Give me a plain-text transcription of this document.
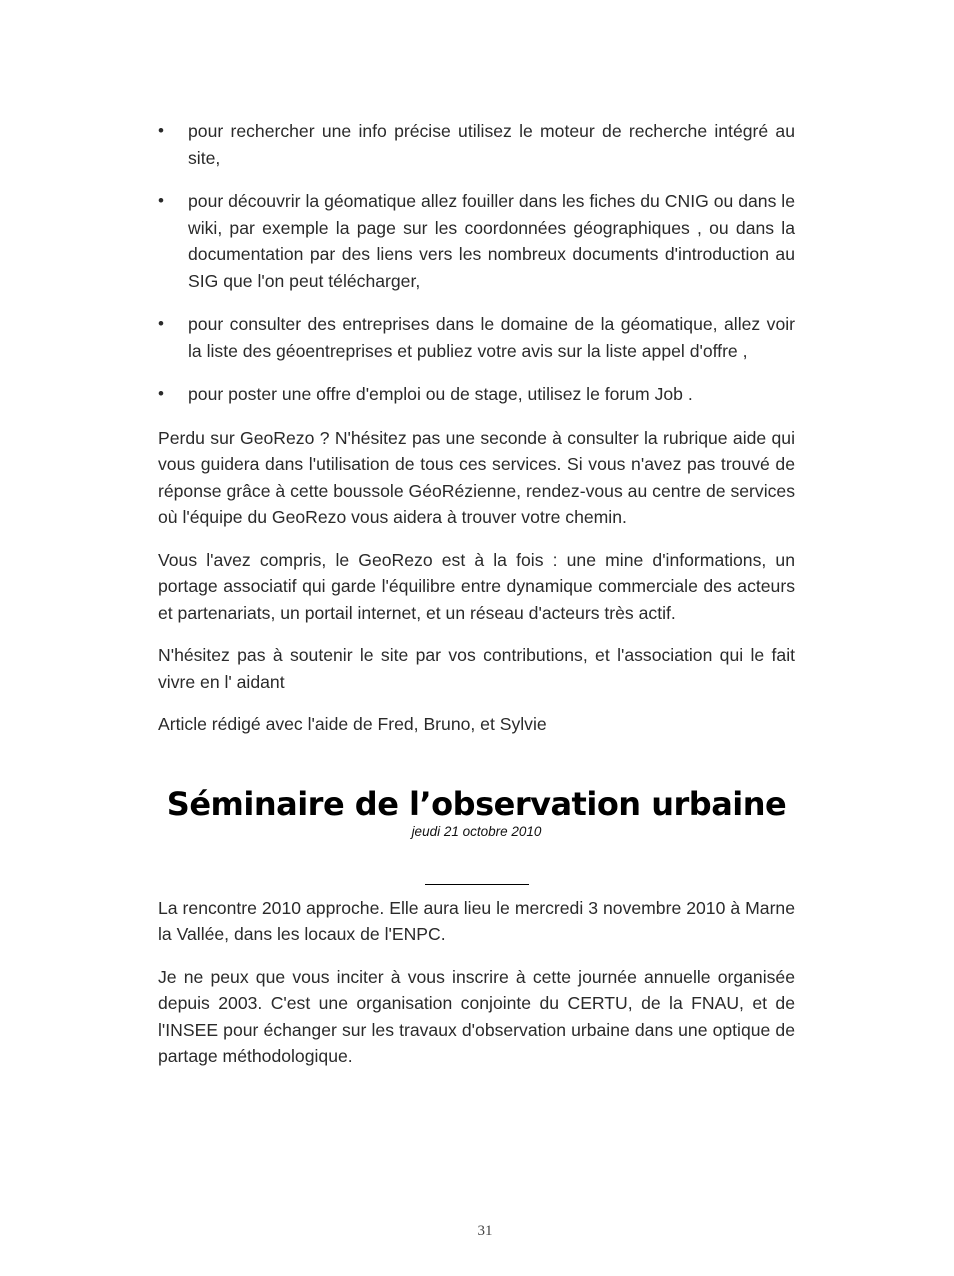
• pour rechercher une info précise utilisez le moteur de recherche intégré au site,
• pour découvrir la géomatique allez fouiller dans les fiches du CNIG ou dans le wiki, par exemple la page sur les coordonnées géographiques , ou dans la documentation par des liens vers les nombreux documents d'introduction au SIG que l'on peut télécharger,
• pour consulter des entreprises dans le domaine de la géomatique, allez voir la liste des géoentreprises et publiez votre avis sur la liste appel d'offre ,
• pour poster une offre d'emploi ou de stage, utilisez le forum Job .

Perdu sur GeoRezo ? N'hésitez pas une seconde à consulter la rubrique aide qui vous guidera dans l'utilisation de tous ces services. Si vous n'avez pas trouvé de réponse grâce à cette boussole GéoRézienne, rendez-vous au centre de services où l'équipe du GeoRezo vous aidera à trouver votre chemin.

Vous l'avez compris, le GeoRezo est à la fois : une mine d'informations, un portage associatif qui garde l'équilibre entre dynamique commerciale des acteurs et partenariats, un portail internet, et un réseau d'acteurs très actif.

N'hésitez pas à soutenir le site par vos contributions, et l'association qui le fait vivre en l' aidant

Article rédigé avec l'aide de Fred, Bruno, et Sylvie

Séminaire de l’observation urbaine

jeudi 21 octobre 2010

La rencontre 2010 approche. Elle aura lieu le mercredi 3 novembre 2010 à Marne la Vallée, dans les locaux de l'ENPC.

Je ne peux que vous inciter à vous inscrire à cette journée annuelle organisée depuis 2003. C'est une organisation conjointe du CERTU, de la FNAU, et de l'INSEE pour échanger sur les travaux d'observation urbaine dans une optique de partage méthodologique.

31
